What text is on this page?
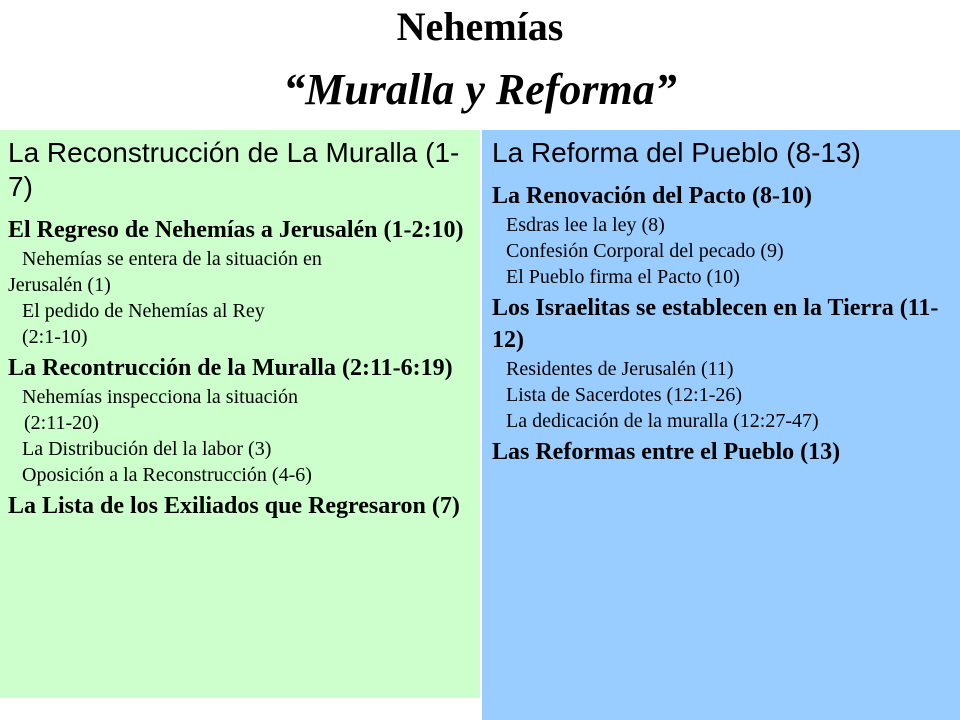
Nehemías
“Muralla y Reforma”
La Reconstrucción de La Muralla (1-7)
El Regreso de Nehemías a Jerusalén (1-2:10)
Nehemías se entera de la situación en
Jerusalén (1)
El pedido de Nehemías al Rey
(2:1-10)
La Recontrucción de la Muralla (2:11-6:19)
Nehemías inspecciona la situación
(2:11-20)
La Distribución del la labor (3)
Oposición a la Reconstrucción (4-6)
La Lista de los Exiliados que Regresaron (7)
La Reforma del Pueblo (8-13)
La Renovación del Pacto (8-10)
Esdras lee la ley (8)
Confesión Corporal del pecado (9)
El Pueblo firma el Pacto (10)
Los Israelitas se establecen en la Tierra (11-12)
Residentes de Jerusalén (11)
Lista de Sacerdotes (12:1-26)
La dedicación de la muralla (12:27-47)
Las Reformas entre el Pueblo (13)
